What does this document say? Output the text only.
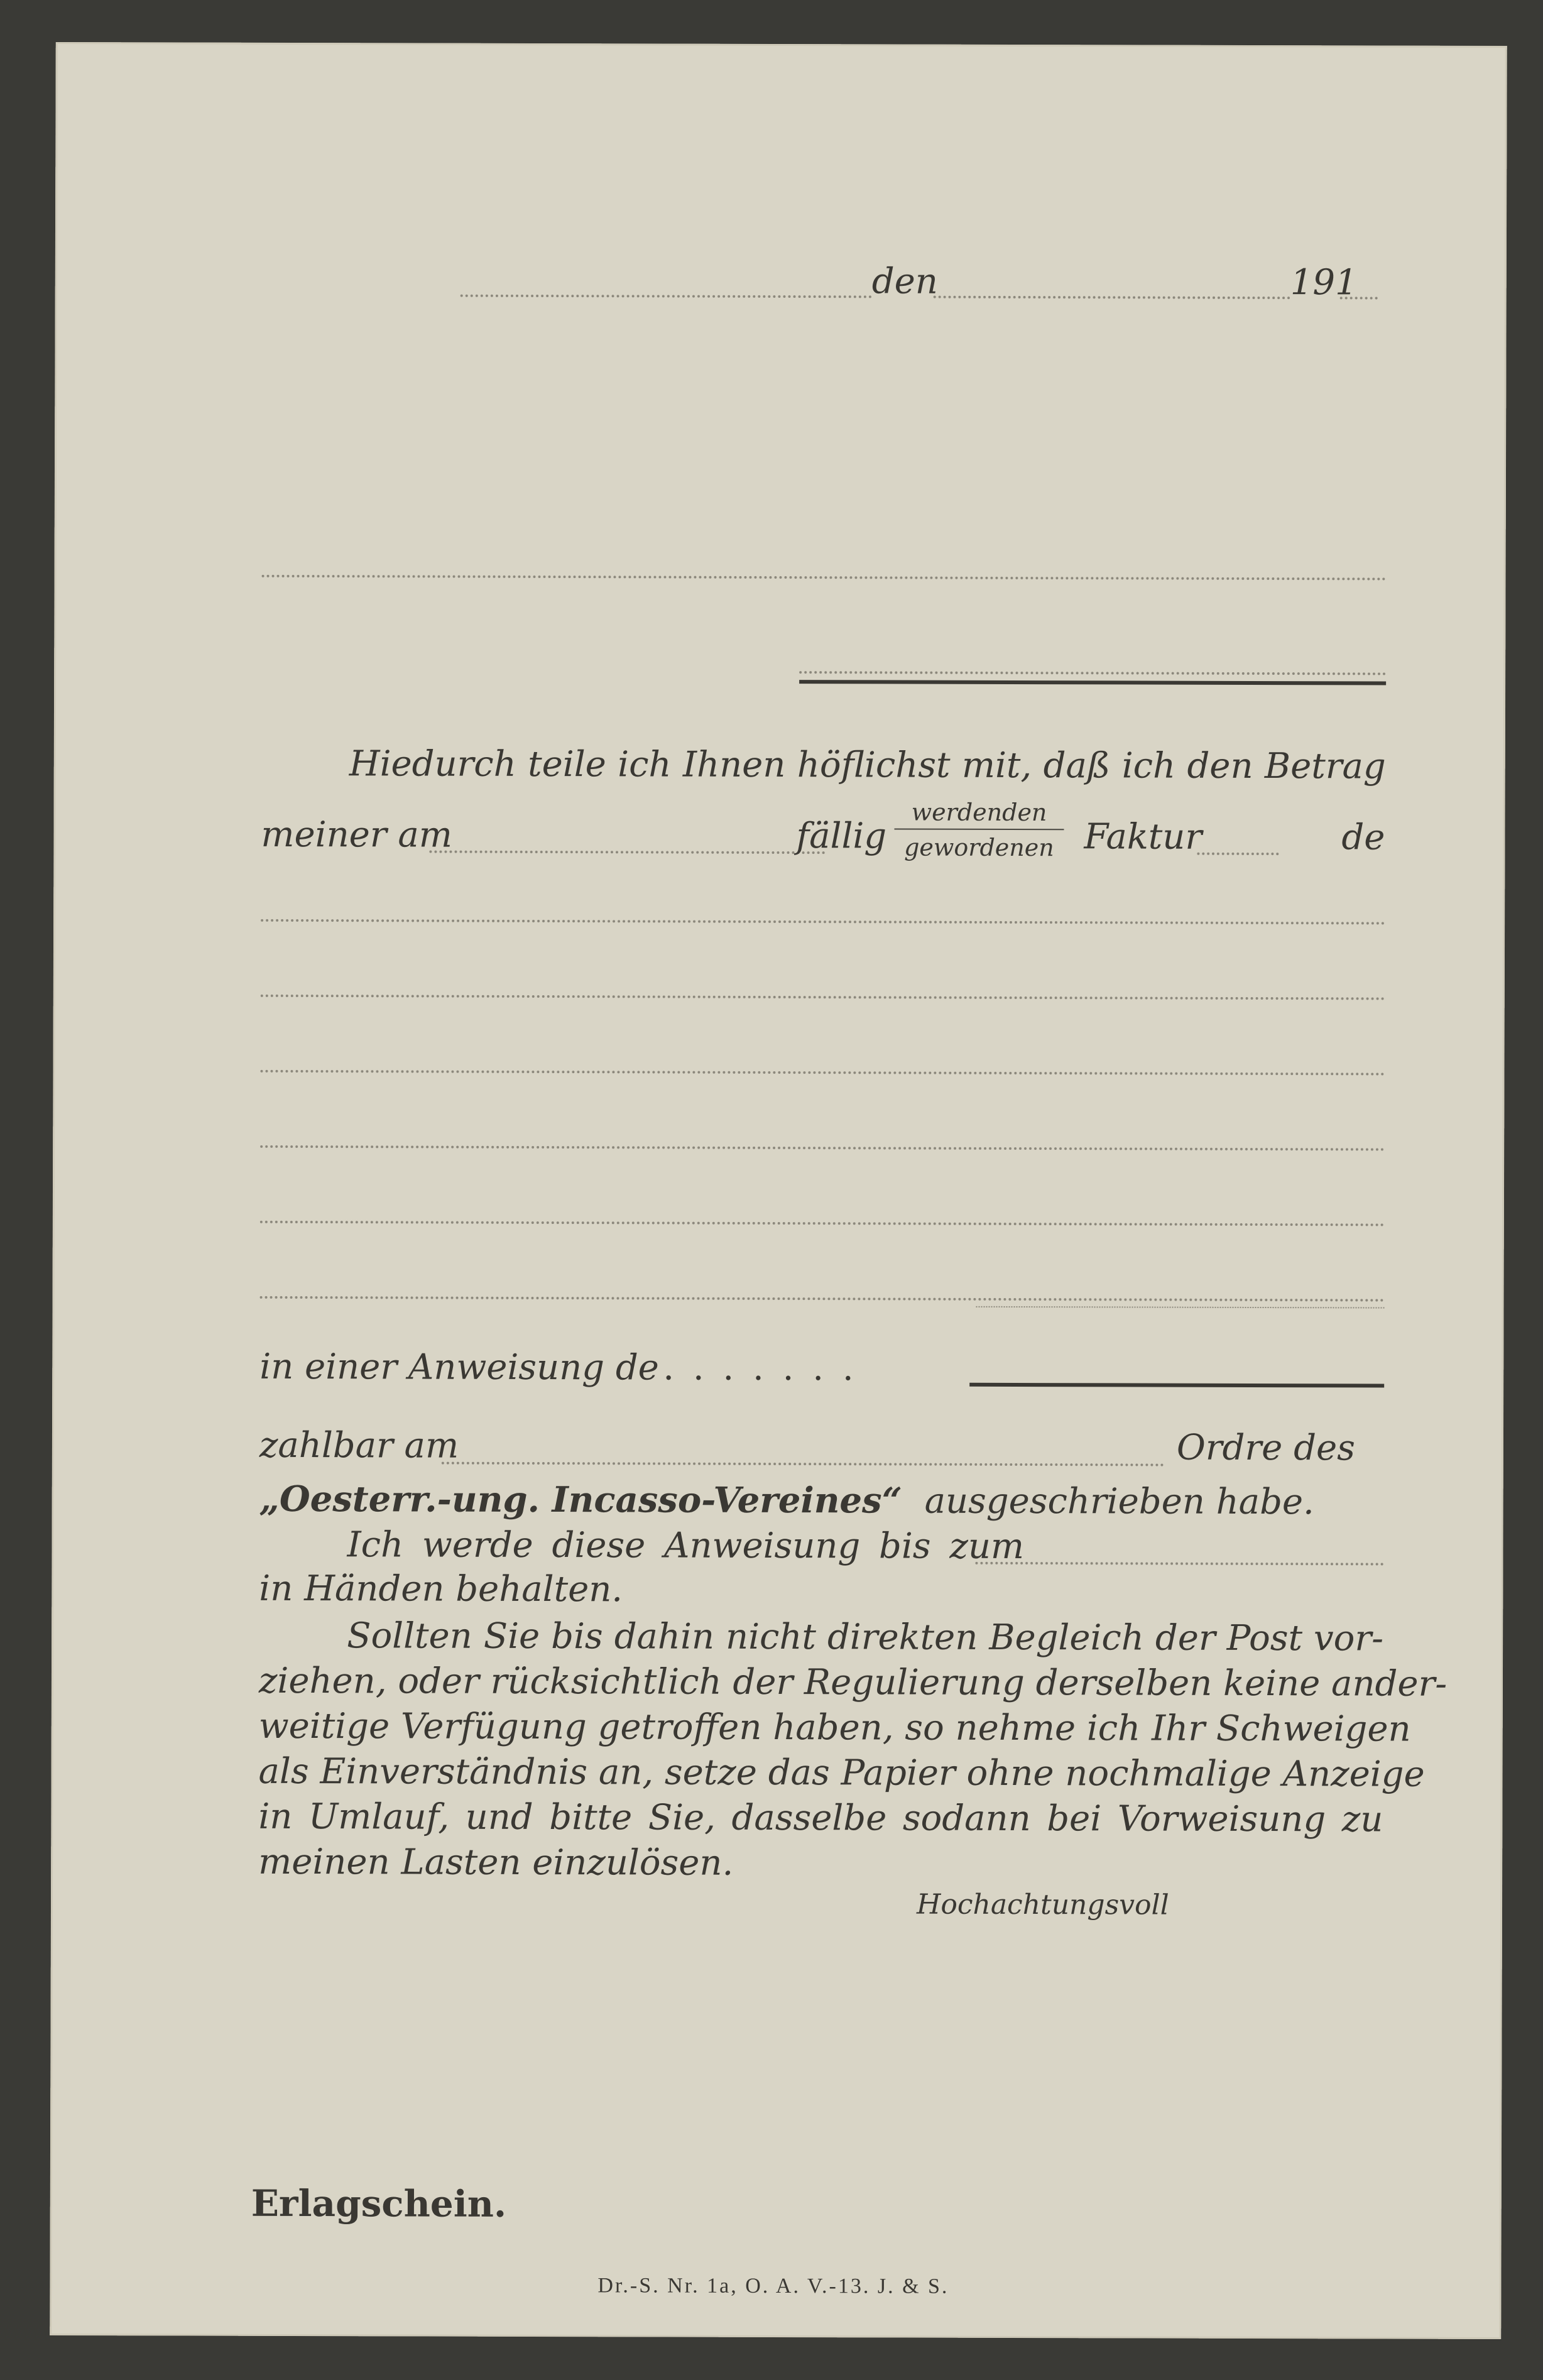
den	191
Hiedurch teile ich Ihnen höflichst mit, daß ich den Betrag
meiner am	fällig
werdenden
gewordenen Faktur	de
in einer Anweisung de . . . . . . .
zahlbar am	Ordre des
„Oesterr.-ung. Incasso-Vereines“ ausgeschrieben habe.
Ich werde diese Anweisung bis zum
in Händen behalten.
Sollten Sie bis dahin nicht direkten Begleich der Post vor-
ziehen, oder rücksichtlich der Regulierung derselben keine ander-
weitige Verfügung getroffen haben, so nehme ich Ihr Schweigen
als Einverständnis an, setze das Papier ohne nochmalige Anzeige
in Umlauf, und bitte Sie, dasselbe sodann bei Vorweisung zu
meinen Lasten einzulösen.
Hochachtungsvoll
Erlagschein.
Dr.-S. Nr. 1a, O. A. V.-13. J. & S.
